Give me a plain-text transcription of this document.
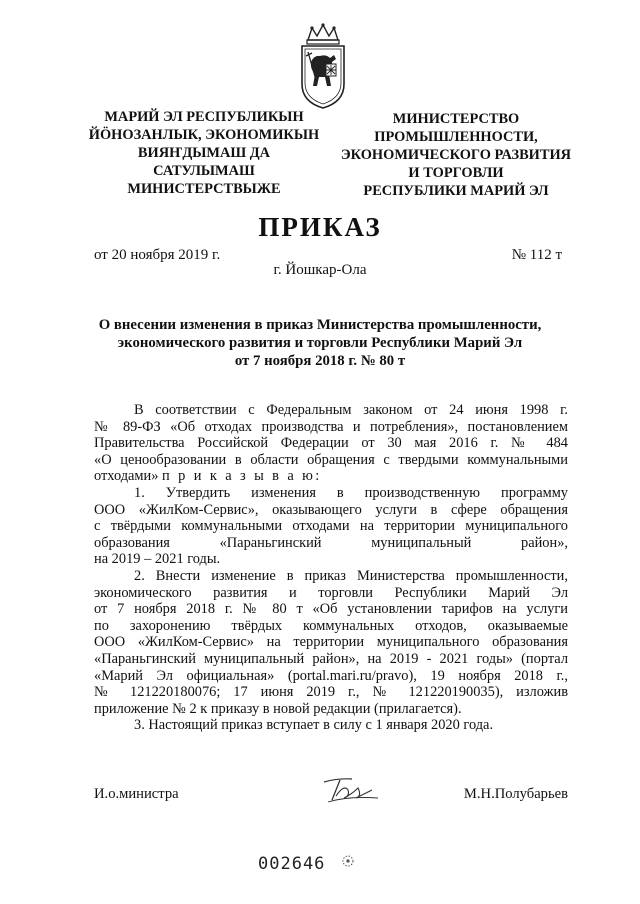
МАРИЙ ЭЛ РЕСПУБЛИКЫН
ЙӦНОЗАНЛЫК, ЭКОНОМИКЫН
ВИЯҤДЫМАШ ДА
САТУЛЫМАШ
МИНИСТЕРСТВЫЖЕ
МИНИСТЕРСТВО
ПРОМЫШЛЕННОСТИ,
ЭКОНОМИЧЕСКОГО РАЗВИТИЯ
И ТОРГОВЛИ
РЕСПУБЛИКИ МАРИЙ ЭЛ
ПРИКАЗ
от 20 ноября 2019 г.	№ 112 т
г. Йошкар-Ола
О внесении изменения в приказ Министерства промышленности,
экономического развития и торговли Республики Марий Эл
от 7 ноября 2018 г. № 80 т
В соответствии с Федеральным законом от 24 июня 1998 г.
№ 89-ФЗ «Об отходах производства и потребления», постановлением
Правительства Российской Федерации от 30 мая 2016 г. № 484
«О ценообразовании в области обращения с твердыми коммунальными
отходами» п р и к а з ы в а ю:
1. Утвердить изменения в производственную программу
ООО «ЖилКом-Сервис», оказывающего услуги в сфере обращения
с твёрдыми коммунальными отходами на территории муниципального
образования «Параньгинский муниципальный район»,
на 2019 – 2021 годы.
2. Внести изменение в приказ Министерства промышленности,
экономического развития и торговли Республики Марий Эл
от 7 ноября 2018 г. № 80 т «Об установлении тарифов на услуги
по захоронению твёрдых коммунальных отходов, оказываемые
ООО «ЖилКом-Сервис» на территории муниципального образования
«Параньгинский муниципальный район», на 2019 - 2021 годы» (портал
«Марий Эл официальная» (portal.mari.ru/pravo), 19 ноября 2018 г.,
№ 121220180076; 17 июня 2019 г., № 121220190035), изложив
приложение № 2 к приказу в новой редакции (прилагается).
3. Настоящий приказ вступает в силу с 1 января 2020 года.
И.о.министра	М.Н.Полубарьев
002646
